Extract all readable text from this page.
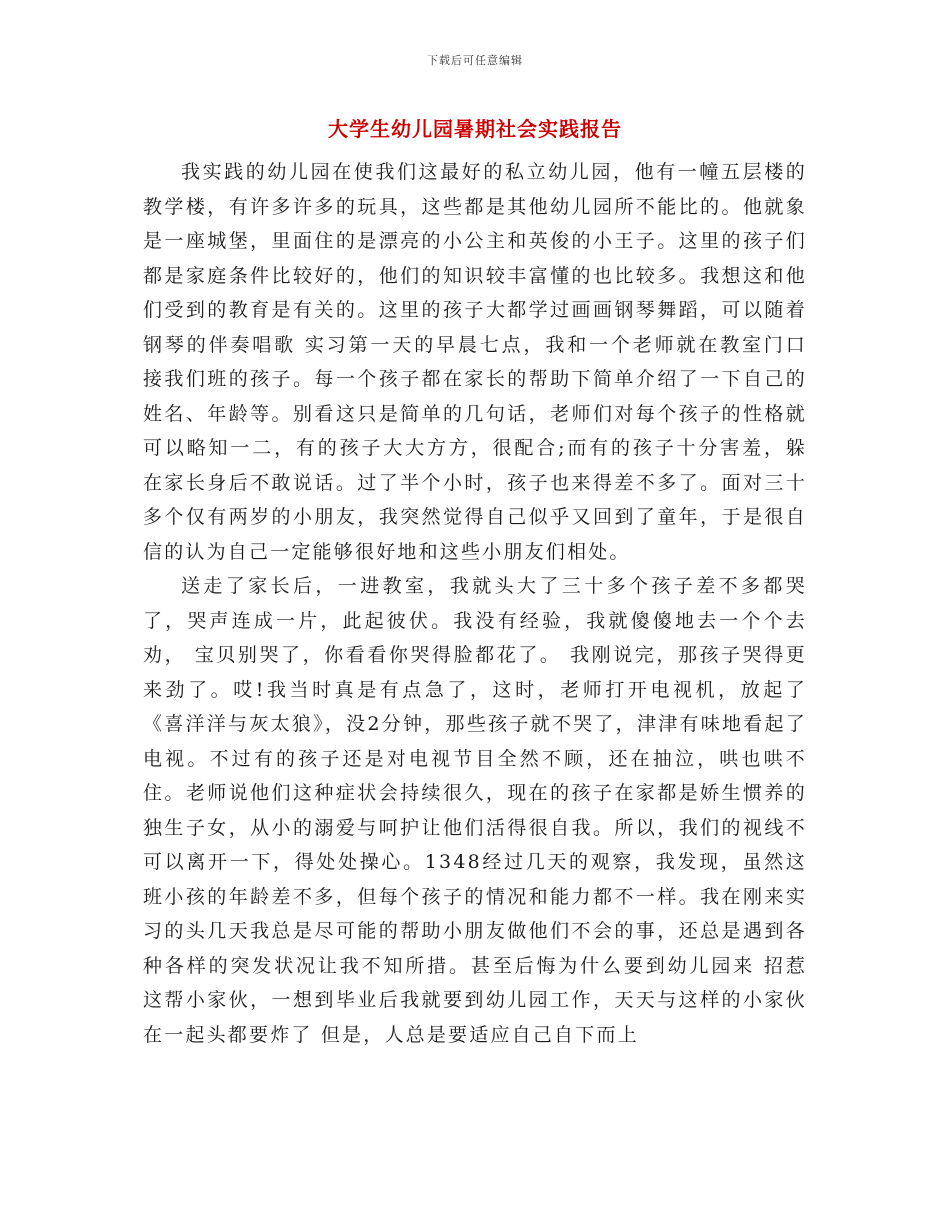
下载后可任意编辑
大学生幼儿园暑期社会实践报告

我实践的幼儿园在使我们这最好的私立幼儿园，他有一幢五层楼的教学楼，有许多许多的玩具，这些都是其他幼儿园所不能比的。他就象是一座城堡，里面住的是漂亮的小公主和英俊的小王子。这里的孩子们都是家庭条件比较好的，他们的知识较丰富懂的也比较多。我想这和他们受到的教育是有关的。这里的孩子大都学过画画钢琴舞蹈，可以随着钢琴的伴奏唱歌 实习第一天的早晨七点，我和一个老师就在教室门口接我们班的孩子。每一个孩子都在家长的帮助下简单介绍了一下自己的姓名、年龄等。别看这只是简单的几句话，老师们对每个孩子的性格就可以略知一二，有的孩子大大方方，很配合;而有的孩子十分害羞，躲在家长身后不敢说话。过了半个小时，孩子也来得差不多了。面对三十多个仅有两岁的小朋友，我突然觉得自己似乎又回到了童年，于是很自信的认为自己一定能够很好地和这些小朋友们相处。

送走了家长后，一进教室，我就头大了三十多个孩子差不多都哭了，哭声连成一片，此起彼伏。我没有经验，我就傻傻地去一个个去劝， 宝贝别哭了，你看看你哭得脸都花了。 我刚说完，那孩子哭得更来劲了。哎!我当时真是有点急了，这时，老师打开电视机，放起了《喜洋洋与灰太狼》，没2分钟，那些孩子就不哭了，津津有味地看起了电视。不过有的孩子还是对电视节目全然不顾，还在抽泣，哄也哄不住。老师说他们这种症状会持续很久，现在的孩子在家都是娇生惯养的独生子女，从小的溺爱与呵护让他们活得很自我。所以，我们的视线不可以离开一下，得处处操心。1348经过几天的观察，我发现，虽然这班小孩的年龄差不多，但每个孩子的情况和能力都不一样。我在刚来实习的头几天我总是尽可能的帮助小朋友做他们不会的事，还总是遇到各种各样的突发状况让我不知所措。甚至后悔为什么要到幼儿园来 招惹 这帮小家伙，一想到毕业后我就要到幼儿园工作，天天与这样的小家伙在一起头都要炸了 但是，人总是要适应自己自下而上
